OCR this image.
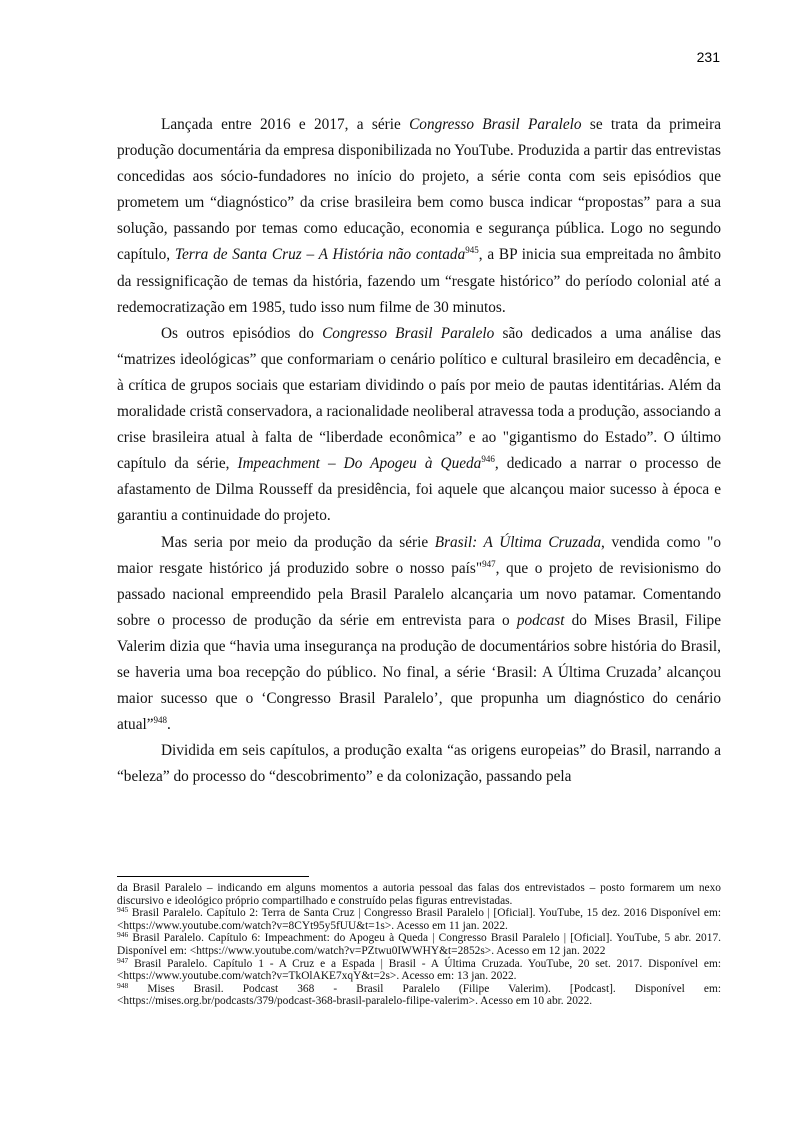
231

Lançada entre 2016 e 2017, a série Congresso Brasil Paralelo se trata da primeira produção documentária da empresa disponibilizada no YouTube. Produzida a partir das entrevistas concedidas aos sócio-fundadores no início do projeto, a série conta com seis episódios que prometem um “diagnóstico” da crise brasileira bem como busca indicar “propostas” para a sua solução, passando por temas como educação, economia e segurança pública. Logo no segundo capítulo, Terra de Santa Cruz – A História não contada$^{945}$, a BP inicia sua empreitada no âmbito da ressignificação de temas da história, fazendo um “resgate histórico” do período colonial até a redemocratização em 1985, tudo isso num filme de 30 minutos.

Os outros episódios do Congresso Brasil Paralelo são dedicados a uma análise das “matrizes ideológicas” que conformariam o cenário político e cultural brasileiro em decadência, e à crítica de grupos sociais que estariam dividindo o país por meio de pautas identitárias. Além da moralidade cristã conservadora, a racionalidade neoliberal atravessa toda a produção, associando a crise brasileira atual à falta de “liberdade econômica” e ao "gigantismo do Estado”. O último capítulo da série, Impeachment – Do Apogeu à Queda$^{946}$, dedicado a narrar o processo de afastamento de Dilma Rousseff da presidência, foi aquele que alcançou maior sucesso à época e garantiu a continuidade do projeto.

Mas seria por meio da produção da série Brasil: A Última Cruzada, vendida como "o maior resgate histórico já produzido sobre o nosso país"$^{947}$, que o projeto de revisionismo do passado nacional empreendido pela Brasil Paralelo alcançaria um novo patamar. Comentando sobre o processo de produção da série em entrevista para o podcast do Mises Brasil, Filipe Valerim dizia que “havia uma insegurança na produção de documentários sobre história do Brasil, se haveria uma boa recepção do público. No final, a série ‘Brasil: A Última Cruzada’ alcançou maior sucesso que o ‘Congresso Brasil Paralelo’, que propunha um diagnóstico do cenário atual”$^{948}$.

Dividida em seis capítulos, a produção exalta “as origens europeias” do Brasil, narrando a “beleza” do processo do “descobrimento” e da colonização, passando pela

da Brasil Paralelo – indicando em alguns momentos a autoria pessoal das falas dos entrevistados – posto formarem um nexo discursivo e ideológico próprio compartilhado e construído pelas figuras entrevistadas.

$^{945}$ Brasil Paralelo. Capítulo 2: Terra de Santa Cruz | Congresso Brasil Paralelo | [Oficial]. YouTube, 15 dez. 2016 Disponível em: <https://www.youtube.com/watch?v=8CYt95y5fUU&t=1s>. Acesso em 11 jan. 2022.

$^{946}$ Brasil Paralelo. Capítulo 6: Impeachment: do Apogeu à Queda | Congresso Brasil Paralelo | [Oficial]. YouTube, 5 abr. 2017. Disponível em: <https://www.youtube.com/watch?v=PZtwu0IWWHY&t=2852s>. Acesso em 12 jan. 2022

$^{947}$ Brasil Paralelo. Capítulo 1 - A Cruz e a Espada | Brasil - A Última Cruzada. YouTube, 20 set. 2017. Disponível em: <https://www.youtube.com/watch?v=TkOlAKE7xqY&t=2s>. Acesso em: 13 jan. 2022.

$^{948}$ Mises Brasil. Podcast 368 - Brasil Paralelo (Filipe Valerim). [Podcast]. Disponível em: <https://mises.org.br/podcasts/379/podcast-368-brasil-paralelo-filipe-valerim>. Acesso em 10 abr. 2022.
